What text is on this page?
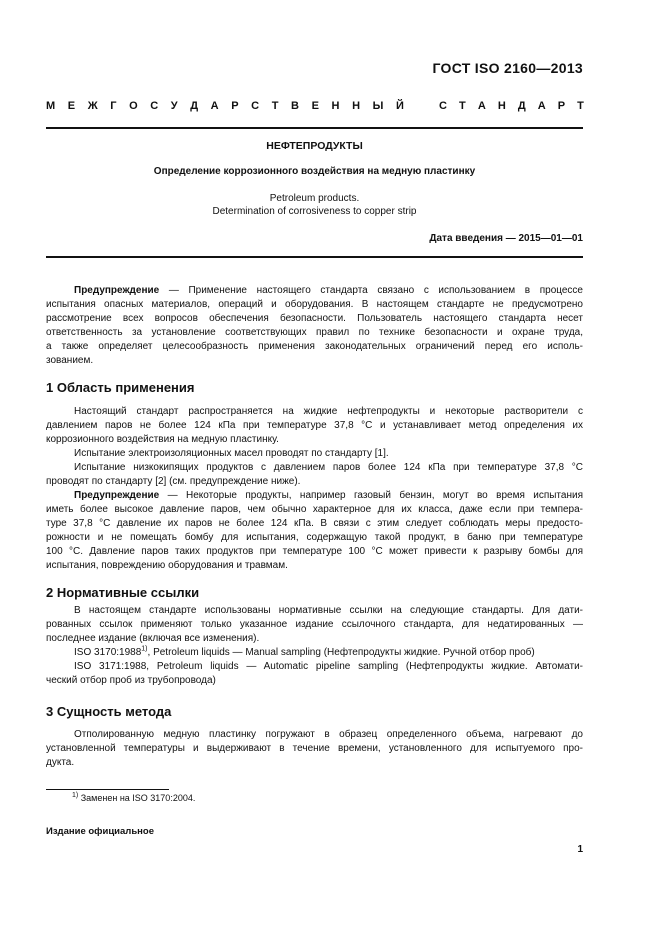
ГОСТ ISO 2160—2013
М Е Ж Г О С У Д А Р С Т В Е Н Н Ы Й	С Т А Н Д А Р Т
НЕФТЕПРОДУКТЫ
Определение коррозионного воздействия на медную пластинку
Petroleum products.
Determination of corrosiveness to copper strip
Дата введения — 2015—01—01
Предупреждение — Применение настоящего стандарта связано с использованием в процессе
испытания опасных материалов, операций и оборудования. В настоящем стандарте не предусмотрено
рассмотрение всех вопросов обеспечения безопасности. Пользователь настоящего стандарта несет
ответственность за установление соответствующих правил по технике безопасности и охране труда,
а также определяет целесообразность применения законодательных ограничений перед его исполь-
зованием.
1 Область применения
Настоящий стандарт распространяется на жидкие нефтепродукты и некоторые растворители с
давлением паров не более 124 кПа при температуре 37,8 °С и устанавливает метод определения их
коррозионного воздействия на медную пластинку.
Испытание электроизоляционных масел проводят по стандарту [1].
Испытание низкокипящих продуктов с давлением паров более 124 кПа при температуре 37,8 °С
проводят по стандарту [2] (см. предупреждение ниже).
Предупреждение — Некоторые продукты, например газовый бензин, могут во время испытания
иметь более высокое давление паров, чем обычно характерное для их класса, даже если при темпера-
туре 37,8 °С давление их паров не более 124 кПа. В связи с этим следует соблюдать меры предосто-
рожности и не помещать бомбу для испытания, содержащую такой продукт, в баню при температуре
100 °С. Давление паров таких продуктов при температуре 100 °С может привести к разрыву бомбы для
испытания, повреждению оборудования и травмам.
2 Нормативные ссылки
В настоящем стандарте использованы нормативные ссылки на следующие стандарты. Для дати-
рованных ссылок применяют только указанное издание ссылочного стандарта, для недатированных —
последнее издание (включая все изменения).
ISO 3170:1988$^{1)}$, Petroleum liquids — Manual sampling (Нефтепродукты жидкие. Ручной отбор проб)
ISO 3171:1988, Petroleum liquids — Automatic pipeline sampling (Нефтепродукты жидкие. Автомати-
ческий отбор проб из трубопровода)
3 Сущность метода
Отполированную медную пластинку погружают в образец определенного объема, нагревают до
установленной температуры и выдерживают в течение времени, установленного для испытуемого про-
дукта.
$^{1)}$ Заменен на ISO 3170:2004.
Издание официальное
1
